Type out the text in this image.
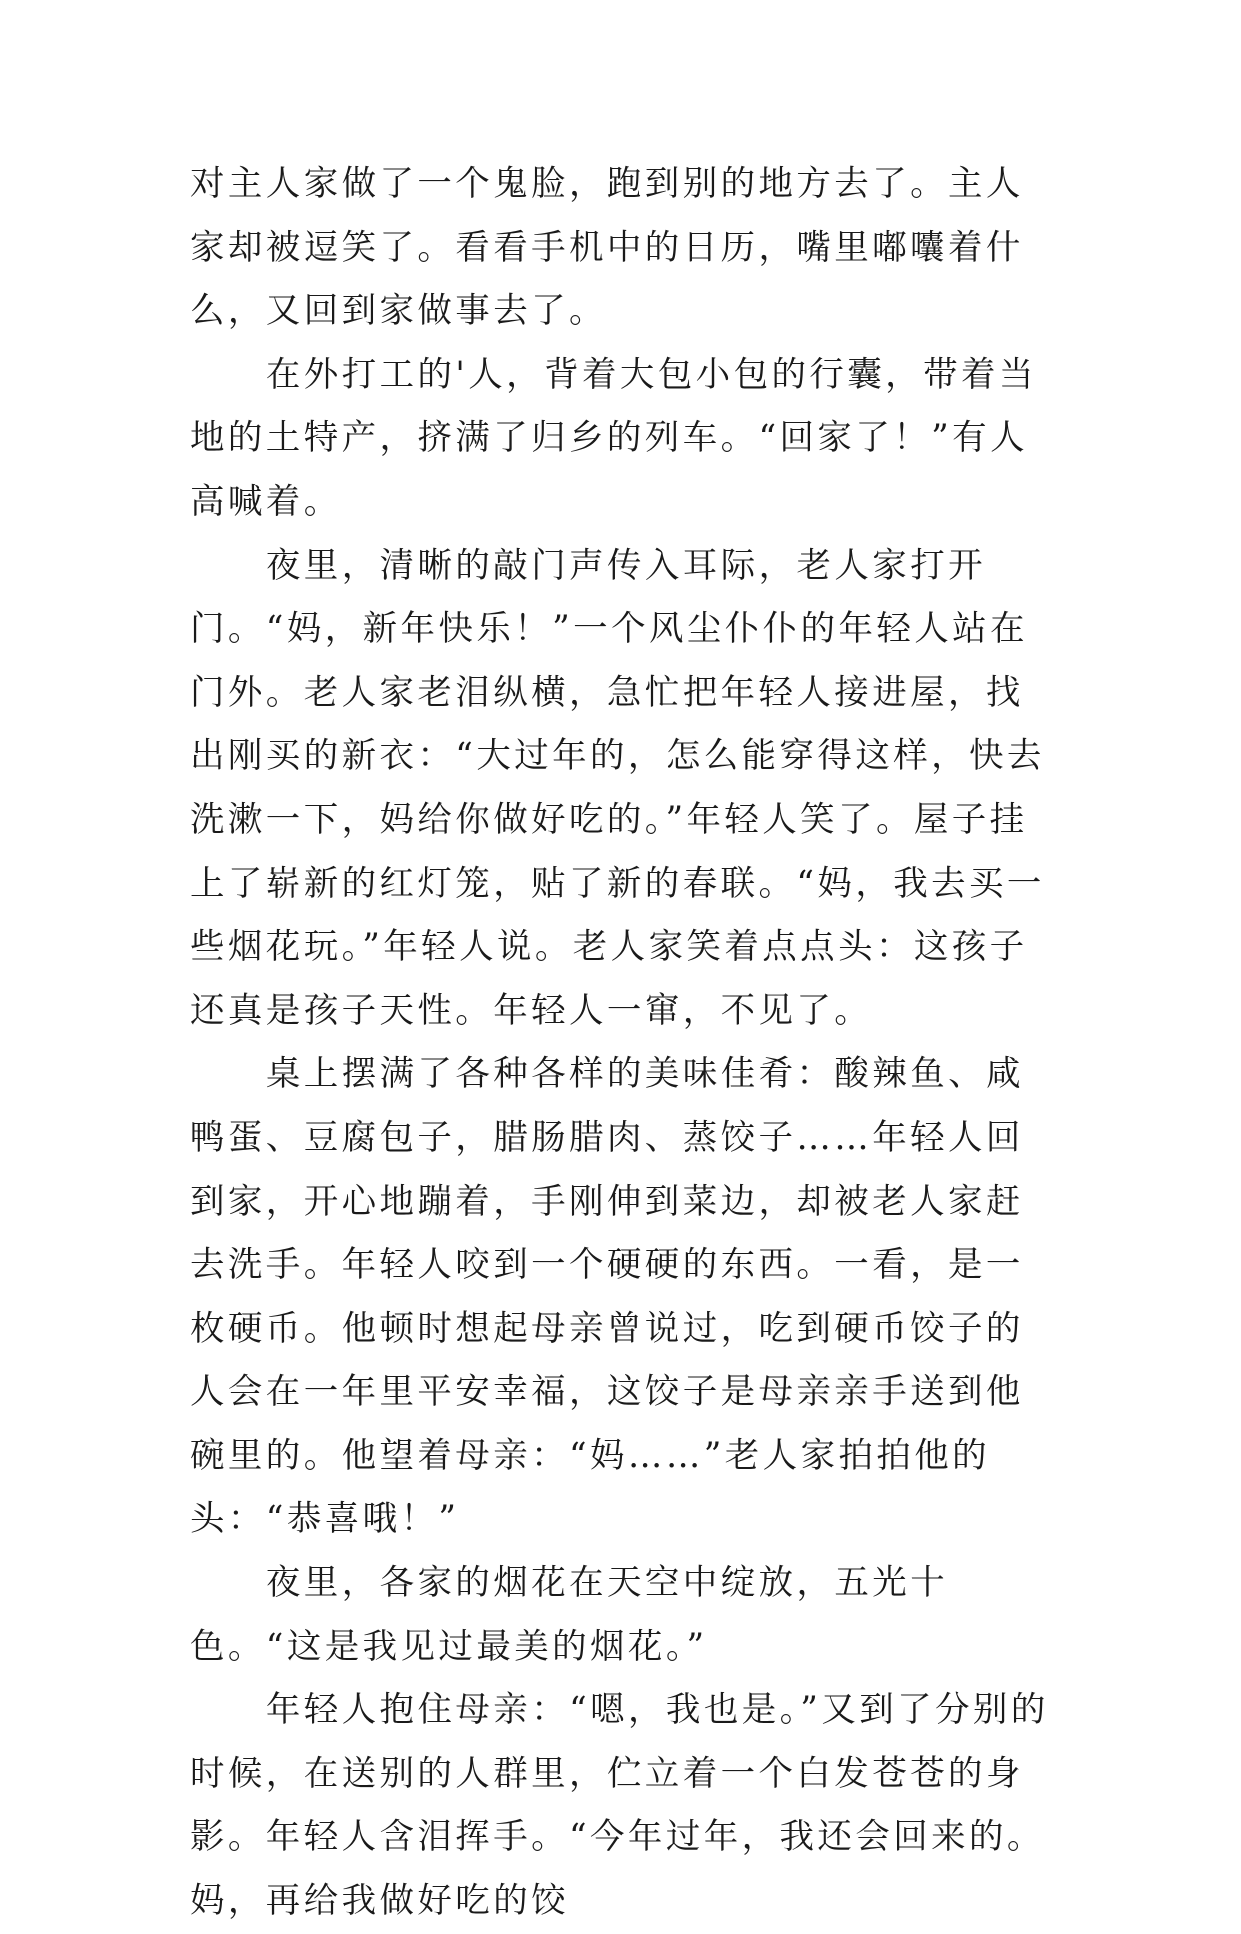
对主人家做了一个鬼脸，跑到别的地方去了。主人家却被逗笑了。看看手机中的日历，嘴里嘟囔着什么，又回到家做事去了。

在外打工的'人，背着大包小包的行囊，带着当地的土特产，挤满了归乡的列车。“回家了！”有人高喊着。

夜里，清晰的敲门声传入耳际，老人家打开门。“妈，新年快乐！”一个风尘仆仆的年轻人站在门外。老人家老泪纵横，急忙把年轻人接进屋，找出刚买的新衣：“大过年的，怎么能穿得这样，快去洗漱一下，妈给你做好吃的。”年轻人笑了。屋子挂上了崭新的红灯笼，贴了新的春联。“妈，我去买一些烟花玩。”年轻人说。老人家笑着点点头：这孩子还真是孩子天性。年轻人一窜，不见了。

桌上摆满了各种各样的美味佳肴：酸辣鱼、咸鸭蛋、豆腐包子，腊肠腊肉、蒸饺子……年轻人回到家，开心地蹦着，手刚伸到菜边，却被老人家赶去洗手。年轻人咬到一个硬硬的东西。一看，是一枚硬币。他顿时想起母亲曾说过，吃到硬币饺子的人会在一年里平安幸福，这饺子是母亲亲手送到他碗里的。他望着母亲：“妈……”老人家拍拍他的头：“恭喜哦！”

夜里，各家的烟花在天空中绽放，五光十色。“这是我见过最美的烟花。”

年轻人抱住母亲：“嗯，我也是。”又到了分别的时候，在送别的人群里，伫立着一个白发苍苍的身影。年轻人含泪挥手。“今年过年，我还会回来的。妈，再给我做好吃的饺
